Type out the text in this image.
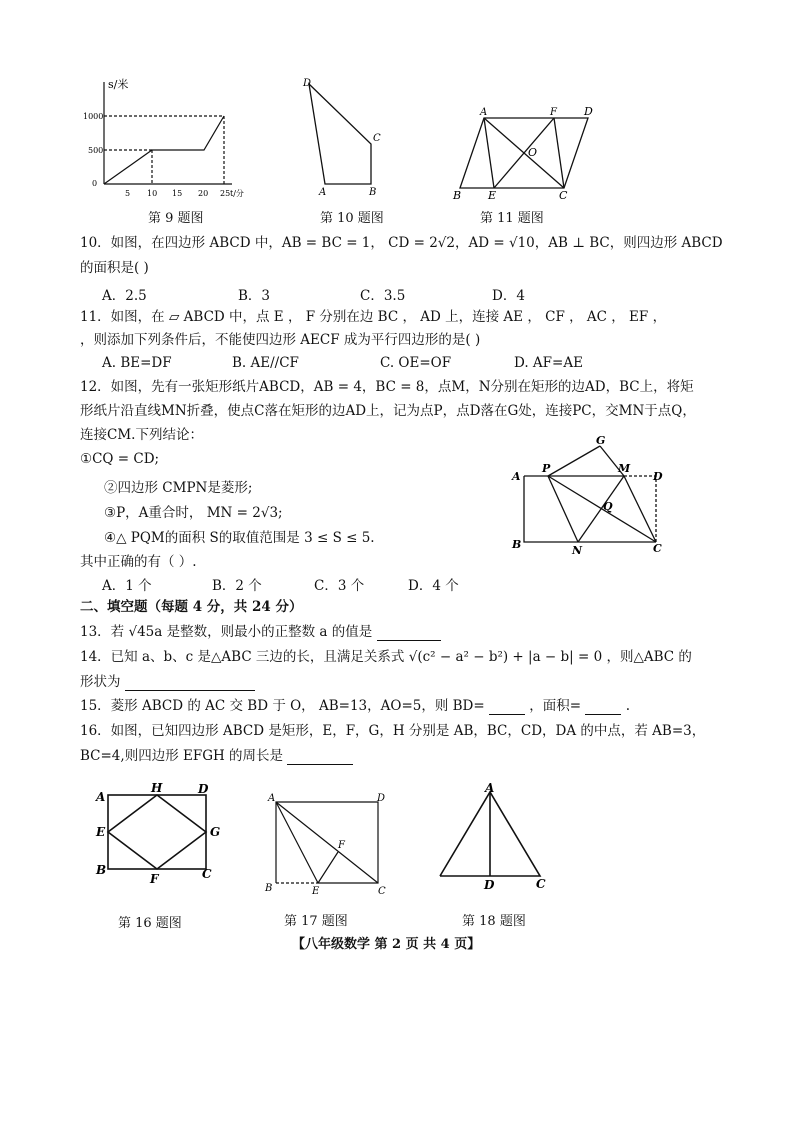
s/米
1000
500
0
5 10 15 20 25 t/分
D
C
A	B
A	F D
O
B E	C
第 9 题图	第 10 题图	第 11 题图
10．如图，在四边形 ABCD 中，AB = BC = 1， CD = 2√2，AD = √10，AB ⊥ BC，则四边形 ABCD
的面积是( )
A．2.5	B．3	C．3.5	D．4
11．如图，在 ▱ ABCD 中，点 E ， F 分别在边 BC ， AD 上，连接 AE ， CF ， AC ， EF ，
，则添加下列条件后，不能使四边形 AECF 成为平行四边形的是( )
A. BE=DF	B. AE//CF	C. OE=OF	D. AF=AE
12．如图，先有一张矩形纸片ABCD，AB = 4，BC = 8，点M，N分别在矩形的边AD，BC上，将矩
形纸片沿直线MN折叠，使点C落在矩形的边AD上，记为点P，点D落在G处，连接PC，交MN于点Q，
连接CM.下列结论：
①CQ = CD;
②四边形 CMPN是菱形;
③P，A重合时， MN = 2√3;
④△ PQM的面积 S的取值范围是 3 ≤ S ≤ 5.
其中正确的有（ ）.
A．1 个	B．2 个	C．3 个	D．4 个
G
A
P	M
D
Q
B	N	C
二、填空题（每题 4 分，共 24 分）
13．若 √45a 是整数，则最小的正整数 a 的值是
14．已知 a、b、c 是△ABC 三边的长，且满足关系式 √(c² − a² − b²) + |a − b| = 0 ，则△ABC 的
形状为
15．菱形 ABCD 的 AC 交 BD 于 O， AB=13，AO=5，则 BD=	，面积=	.
16．如图，已知四边形 ABCD 是矩形，E，F，G，H 分别是 AB，BC，CD，DA 的中点，若 AB=3，
BC=4,则四边形 EFGH 的周长是
A
H	D
E	G
B
F	C
A	D
F
B	E	C
A
D	C
第 16 题图	第 17 题图	第 18 题图
【八年级数学 第 2 页 共 4 页】
